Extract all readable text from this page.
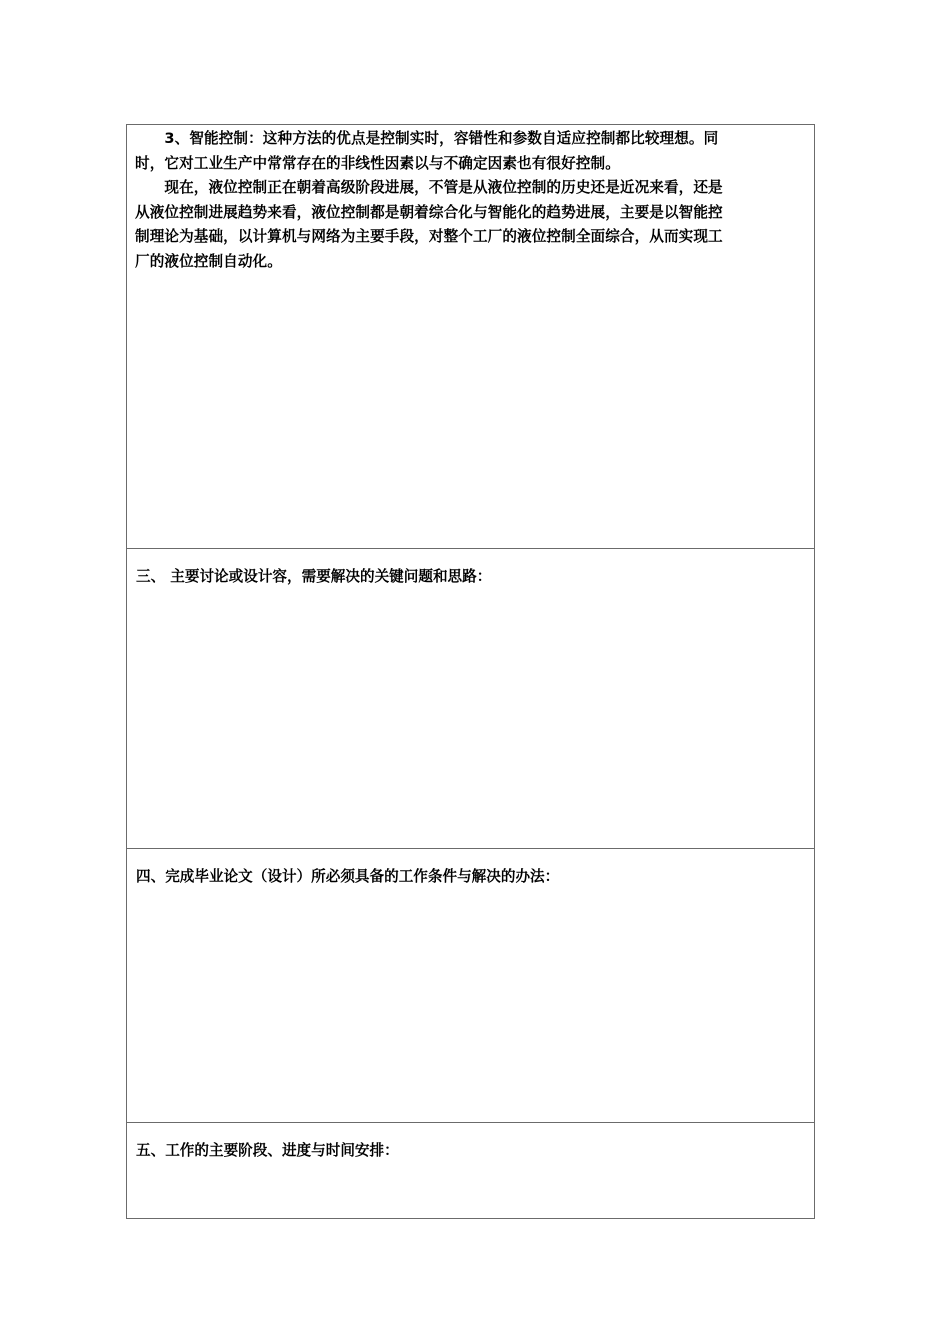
　　3、智能控制：这种方法的优点是控制实时，容错性和参数自适应控制都比较理想。同
时，它对工业生产中常常存在的非线性因素以与不确定因素也有很好控制。
　　现在，液位控制正在朝着高级阶段进展，不管是从液位控制的历史还是近况来看，还是
从液位控制进展趋势来看，液位控制都是朝着综合化与智能化的趋势进展，主要是以智能控
制理论为基础，以计算机与网络为主要手段，对整个工厂的液位控制全面综合，从而实现工
厂的液位控制自动化。
三、 主要讨论或设计容，需要解决的关键问题和思路：
四、完成毕业论文（设计）所必须具备的工作条件与解决的办法：
五、工作的主要阶段、进度与时间安排：
